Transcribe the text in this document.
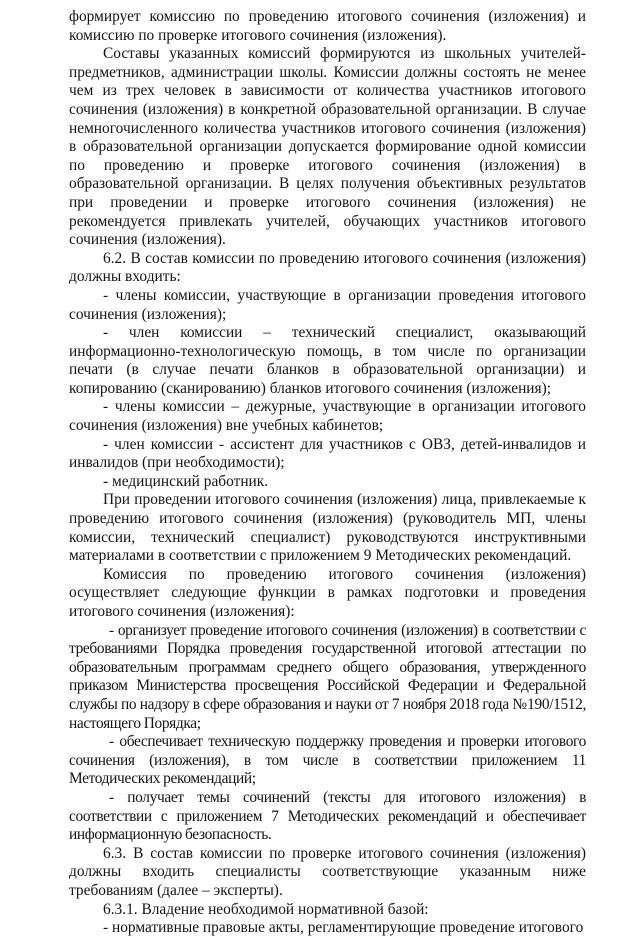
формирует комиссию по проведению итогового сочинения (изложения) и комиссию по проверке итогового сочинения (изложения).

Составы указанных комиссий формируются из школьных учителей-предметников, администрации школы. Комиссии должны состоять не менее чем из трех человек в зависимости от количества участников итогового сочинения (изложения) в конкретной образовательной организации. В случае немногочисленного количества участников итогового сочинения (изложения) в образовательной организации допускается формирование одной комиссии по проведению и проверке итогового сочинения (изложения) в образовательной организации. В целях получения объективных результатов при проведении и проверке итогового сочинения (изложения) не рекомендуется привлекать учителей, обучающих участников итогового сочинения (изложения).

6.2. В состав комиссии по проведению итогового сочинения (изложения) должны входить:

- члены комиссии, участвующие в организации проведения итогового сочинения (изложения);

- член комиссии – технический специалист, оказывающий информационно-технологическую помощь, в том числе по организации печати (в случае печати бланков в образовательной организации) и копированию (сканированию) бланков итогового сочинения (изложения);

- члены комиссии – дежурные, участвующие в организации итогового сочинения (изложения) вне учебных кабинетов;

- член комиссии - ассистент для участников с ОВЗ, детей-инвалидов и инвалидов (при необходимости);

- медицинский работник.

При проведении итогового сочинения (изложения) лица, привлекаемые к проведению итогового сочинения (изложения) (руководитель МП, члены комиссии, технический специалист) руководствуются инструктивными материалами в соответствии с приложением 9 Методических рекомендаций.

Комиссия по проведению итогового сочинения (изложения) осуществляет следующие функции в рамках подготовки и проведения итогового сочинения (изложения):

- организует проведение итогового сочинения (изложения) в соответствии с требованиями Порядка проведения государственной итоговой аттестации по образовательным программам среднего общего образования, утвержденного приказом Министерства просвещения Российской Федерации и Федеральной службы по надзору в сфере образования и науки от 7 ноября 2018 года №190/1512, настоящего Порядка;

- обеспечивает техническую поддержку проведения и проверки итогового сочинения (изложения), в том числе в соответствии приложением 11 Методических рекомендаций;

- получает темы сочинений (тексты для итогового изложения) в соответствии с приложением 7 Методических рекомендаций и обеспечивает информационную безопасность.

6.3. В состав комиссии по проверке итогового сочинения (изложения) должны входить специалисты соответствующие указанным ниже требованиям (далее – эксперты).

6.3.1. Владение необходимой нормативной базой:

- нормативные правовые акты, регламентирующие проведение итогового
